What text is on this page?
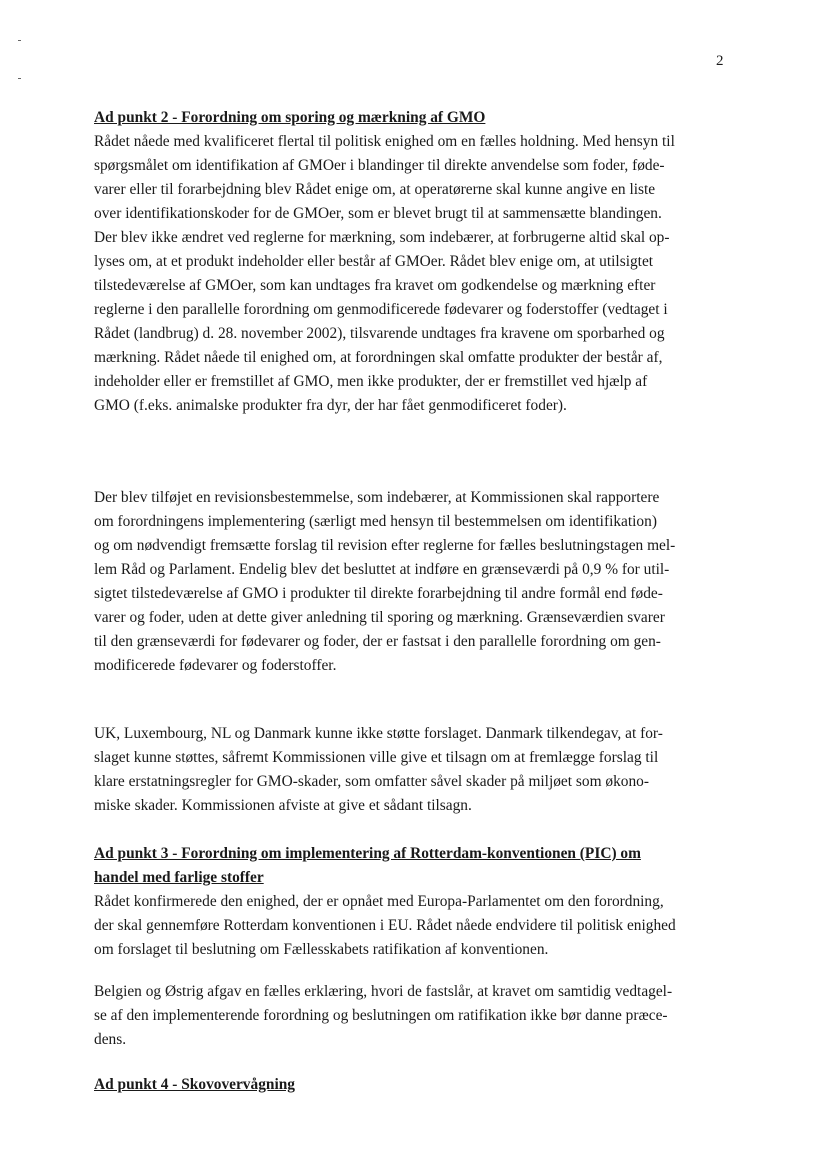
2
Ad punkt 2 - Forordning om sporing og mærkning af GMO
Rådet nåede med kvalificeret flertal til politisk enighed om en fælles holdning. Med hensyn til
spørgsmålet om identifikation af GMOer i blandinger til direkte anvendelse som foder, føde-
varer eller til forarbejdning blev Rådet enige om, at operatørerne skal kunne angive en liste
over identifikationskoder for de GMOer, som er blevet brugt til at sammensætte blandingen.
Der blev ikke ændret ved reglerne for mærkning, som indebærer, at forbrugerne altid skal op-
lyses om, at et produkt indeholder eller består af GMOer. Rådet blev enige om, at utilsigtet
tilstedeværelse af GMOer, som kan undtages fra kravet om godkendelse og mærkning efter
reglerne i den parallelle forordning om genmodificerede fødevarer og foderstoffer (vedtaget i
Rådet (landbrug) d. 28. november 2002), tilsvarende undtages fra kravene om sporbarhed og
mærkning. Rådet nåede til enighed om, at forordningen skal omfatte produkter der består af,
indeholder eller er fremstillet af GMO, men ikke produkter, der er fremstillet ved hjælp af
GMO (f.eks. animalske produkter fra dyr, der har fået genmodificeret foder).
Der blev tilføjet en revisionsbestemmelse, som indebærer, at Kommissionen skal rapportere
om forordningens implementering (særligt med hensyn til bestemmelsen om identifikation)
og om nødvendigt fremsætte forslag til revision efter reglerne for fælles beslutningstagen mel-
lem Råd og Parlament. Endelig blev det besluttet at indføre en grænseværdi på 0,9 % for util-
sigtet tilstedeværelse af GMO i produkter til direkte forarbejdning til andre formål end føde-
varer og foder, uden at dette giver anledning til sporing og mærkning. Grænseværdien svarer
til den grænseværdi for fødevarer og foder, der er fastsat i den parallelle forordning om gen-
modificerede fødevarer og foderstoffer.
UK, Luxembourg, NL og Danmark kunne ikke støtte forslaget. Danmark tilkendegav, at for-
slaget kunne støttes, såfremt Kommissionen ville give et tilsagn om at fremlægge forslag til
klare erstatningsregler for GMO-skader, som omfatter såvel skader på miljøet som økono-
miske skader. Kommissionen afviste at give et sådant tilsagn.
Ad punkt 3 - Forordning om implementering af Rotterdam-konventionen (PIC) om
handel med farlige stoffer
Rådet konfirmerede den enighed, der er opnået med Europa-Parlamentet om den forordning,
der skal gennemføre Rotterdam konventionen i EU. Rådet nåede endvidere til politisk enighed
om forslaget til beslutning om Fællesskabets ratifikation af konventionen.
Belgien og Østrig afgav en fælles erklæring, hvori de fastslår, at kravet om samtidig vedtagel-
se af den implementerende forordning og beslutningen om ratifikation ikke bør danne præce-
dens.
Ad punkt 4 - Skovovervågning
